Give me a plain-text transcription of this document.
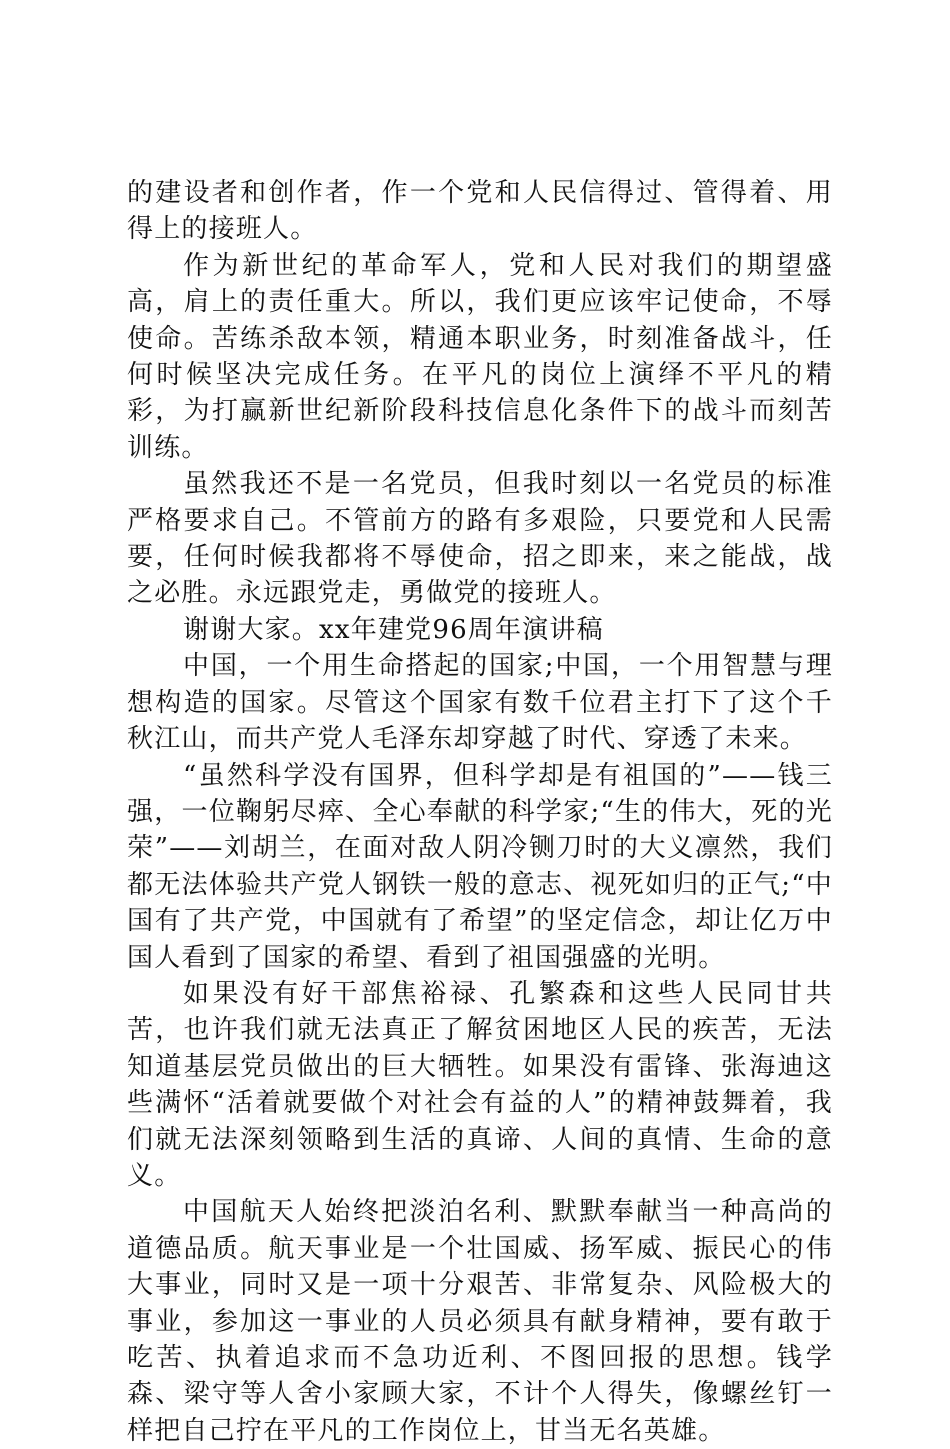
的建设者和创作者，作一个党和人民信得过、管得着、用得上的接班人。

作为新世纪的革命军人，党和人民对我们的期望盛高，肩上的责任重大。所以，我们更应该牢记使命，不辱使命。苦练杀敌本领，精通本职业务，时刻准备战斗，任何时候坚决完成任务。在平凡的岗位上演绎不平凡的精彩，为打赢新世纪新阶段科技信息化条件下的战斗而刻苦训练。

虽然我还不是一名党员，但我时刻以一名党员的标准严格要求自己。不管前方的路有多艰险，只要党和人民需要，任何时候我都将不辱使命，招之即来，来之能战，战之必胜。永远跟党走，勇做党的接班人。

谢谢大家。xx年建党96周年演讲稿

中国，一个用生命搭起的国家;中国，一个用智慧与理想构造的国家。尽管这个国家有数千位君主打下了这个千秋江山，而共产党人毛泽东却穿越了时代、穿透了未来。

“虽然科学没有国界，但科学却是有祖国的”——钱三强，一位鞠躬尽瘁、全心奉献的科学家;“生的伟大，死的光荣”——刘胡兰，在面对敌人阴冷铡刀时的大义凛然，我们都无法体验共产党人钢铁一般的意志、视死如归的正气;“中国有了共产党，中国就有了希望”的坚定信念，却让亿万中国人看到了国家的希望、看到了祖国强盛的光明。

如果没有好干部焦裕禄、孔繁森和这些人民同甘共苦，也许我们就无法真正了解贫困地区人民的疾苦，无法知道基层党员做出的巨大牺牲。如果没有雷锋、张海迪这些满怀“活着就要做个对社会有益的人”的精神鼓舞着，我们就无法深刻领略到生活的真谛、人间的真情、生命的意义。

中国航天人始终把淡泊名利、默默奉献当一种高尚的道德品质。航天事业是一个壮国威、扬军威、振民心的伟大事业，同时又是一项十分艰苦、非常复杂、风险极大的事业，参加这一事业的人员必须具有献身精神，要有敢于吃苦、执着追求而不急功近利、不图回报的思想。钱学森、梁守等人舍小家顾大家，不计个人得失，像螺丝钉一样把自己拧在平凡的工作岗位上，甘当无名英雄。
